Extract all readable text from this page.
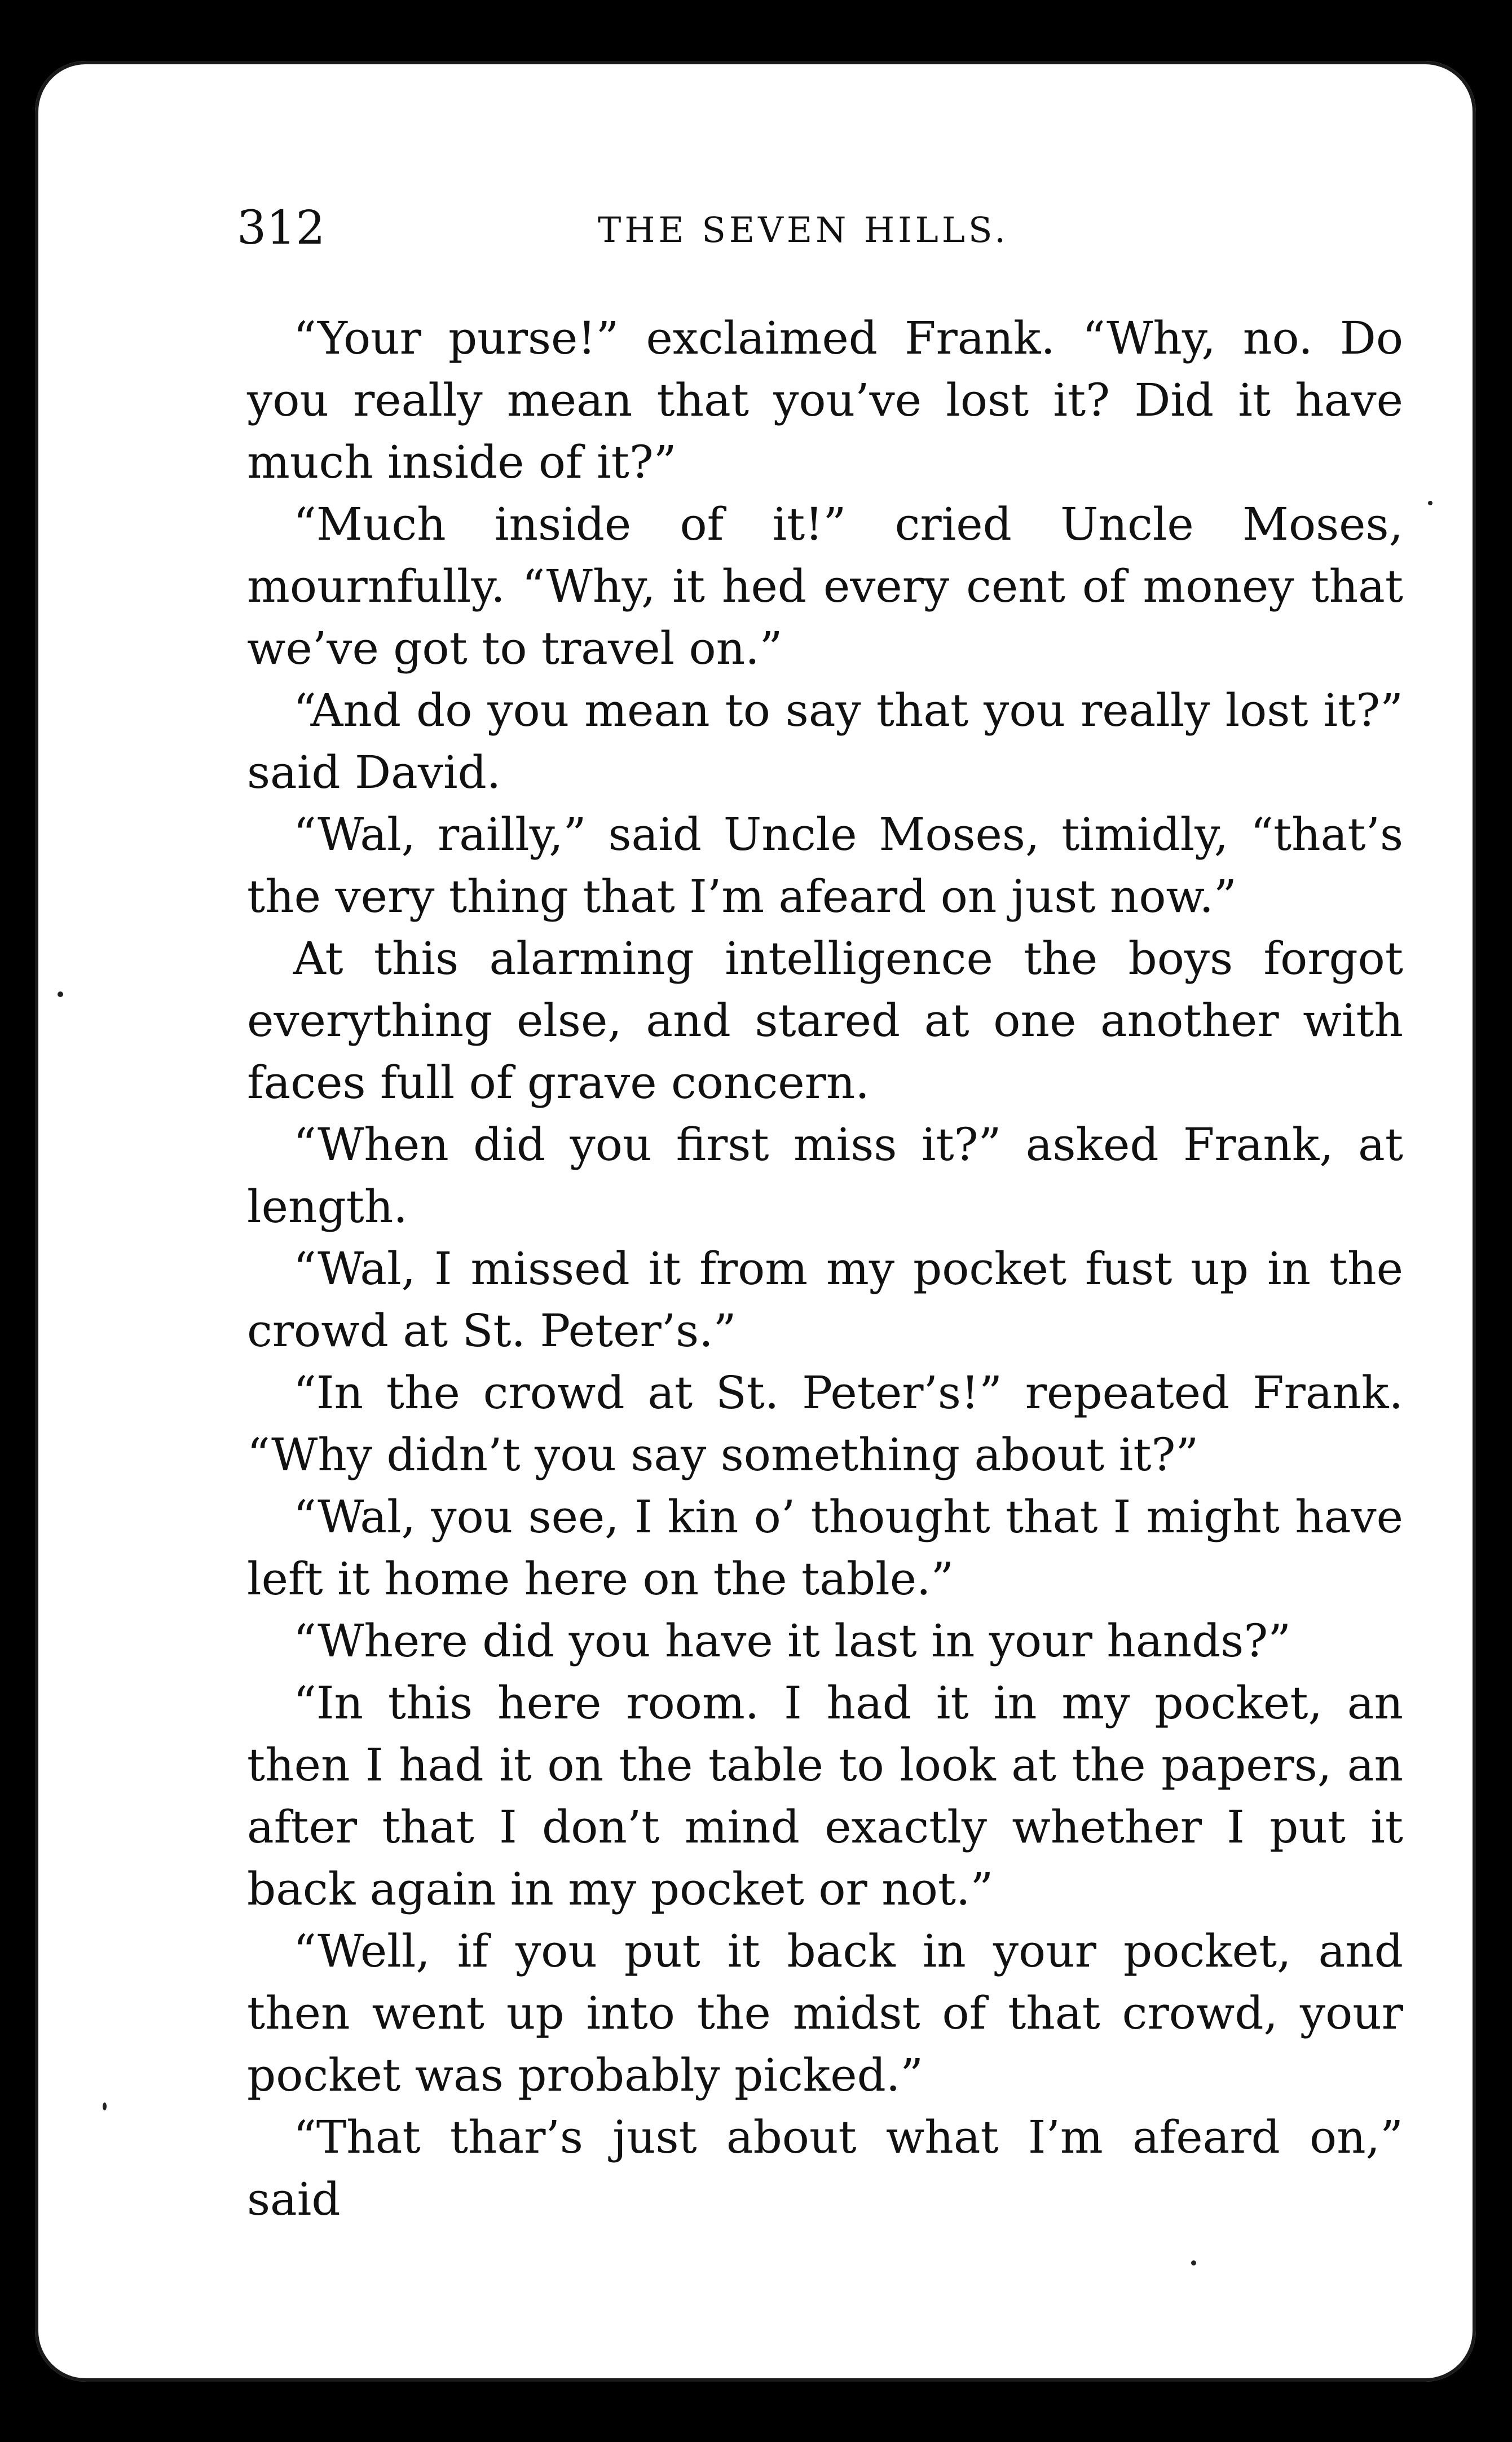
312	THE SEVEN HILLS.

“Your purse!” exclaimed Frank. “Why, no. Do you really mean that you’ve lost it? Did it have much inside of it?”

“Much inside of it!” cried Uncle Moses, mournfully. “Why, it hed every cent of money that we’ve got to travel on.”

“And do you mean to say that you really lost it?” said David.

“Wal, railly,” said Uncle Moses, timidly, “that’s the very thing that I’m afeard on just now.”

At this alarming intelligence the boys forgot everything else, and stared at one another with faces full of grave concern.

“When did you first miss it?” asked Frank, at length.

“Wal, I missed it from my pocket fust up in the crowd at St. Peter’s.”

“In the crowd at St. Peter’s!” repeated Frank. “Why didn’t you say something about it?”

“Wal, you see, I kin o’ thought that I might have left it home here on the table.”

“Where did you have it last in your hands?”

“In this here room. I had it in my pocket, an then I had it on the table to look at the papers, an after that I don’t mind exactly whether I put it back again in my pocket or not.”

“Well, if you put it back in your pocket, and then went up into the midst of that crowd, your pocket was probably picked.”

“That thar’s just about what I’m afeard on,” said
